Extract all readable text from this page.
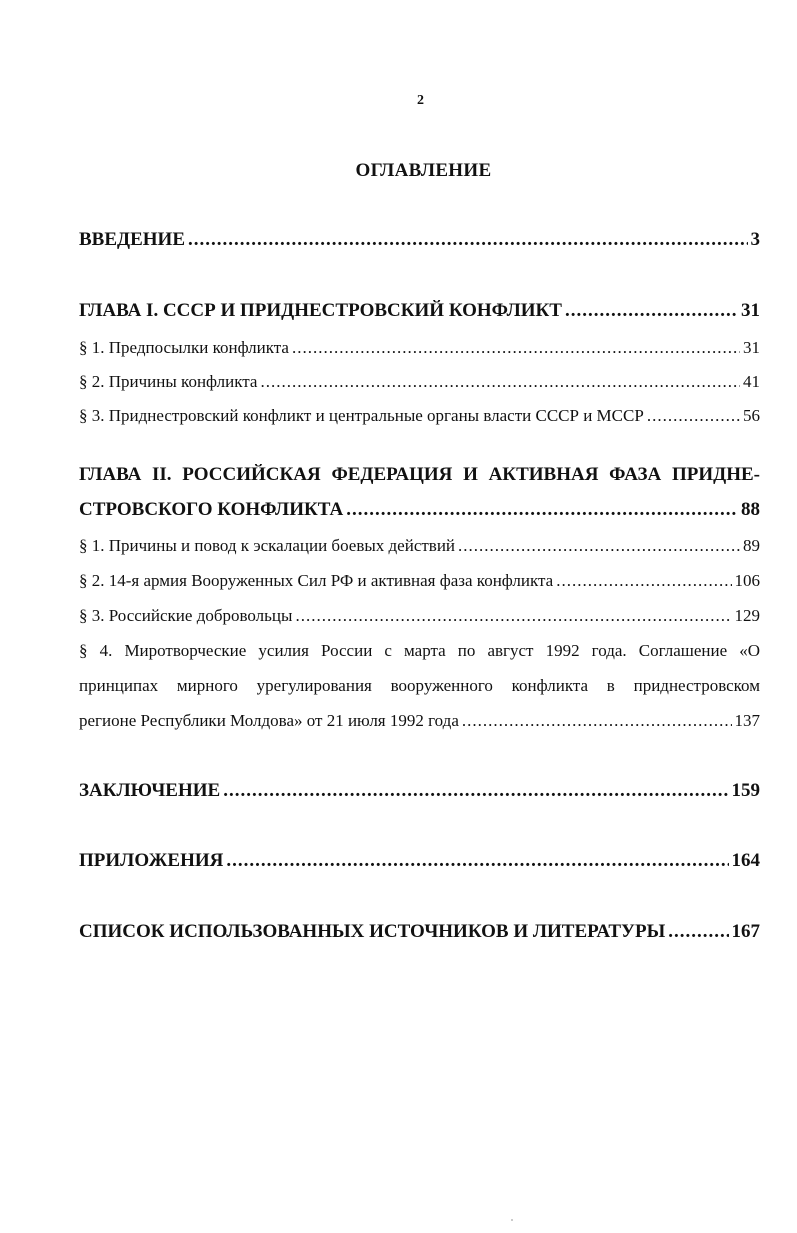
2
ОГЛАВЛЕНИЕ
ВВЕДЕНИЕ .....	3
ГЛАВА I. СССР И ПРИДНЕСТРОВСКИЙ КОНФЛИКТ .....	31
§ 1. Предпосылки конфликта .....	31
§ 2. Причины конфликта .....	41
§ 3. Приднестровский конфликт и центральные органы власти СССР и МССР .....	56
ГЛАВА II. РОССИЙСКАЯ ФЕДЕРАЦИЯ И АКТИВНАЯ ФАЗА ПРИДНЕ-
СТРОВСКОГО КОНФЛИКТА .....	88
§ 1. Причины и повод к эскалации боевых действий .....	89
§ 2. 14-я армия Вооруженных Сил РФ и активная фаза конфликта .....	106
§ 3. Российские добровольцы .....	129
§ 4. Миротворческие усилия России с марта по август 1992 года. Соглашение «О
принципах мирного урегулирования вооруженного конфликта в приднестровском
регионе Республики Молдова» от 21 июля 1992 года .....	137
ЗАКЛЮЧЕНИЕ .....	159
ПРИЛОЖЕНИЯ .....	164
СПИСОК ИСПОЛЬЗОВАННЫХ ИСТОЧНИКОВ И ЛИТЕРАТУРЫ .....	167
